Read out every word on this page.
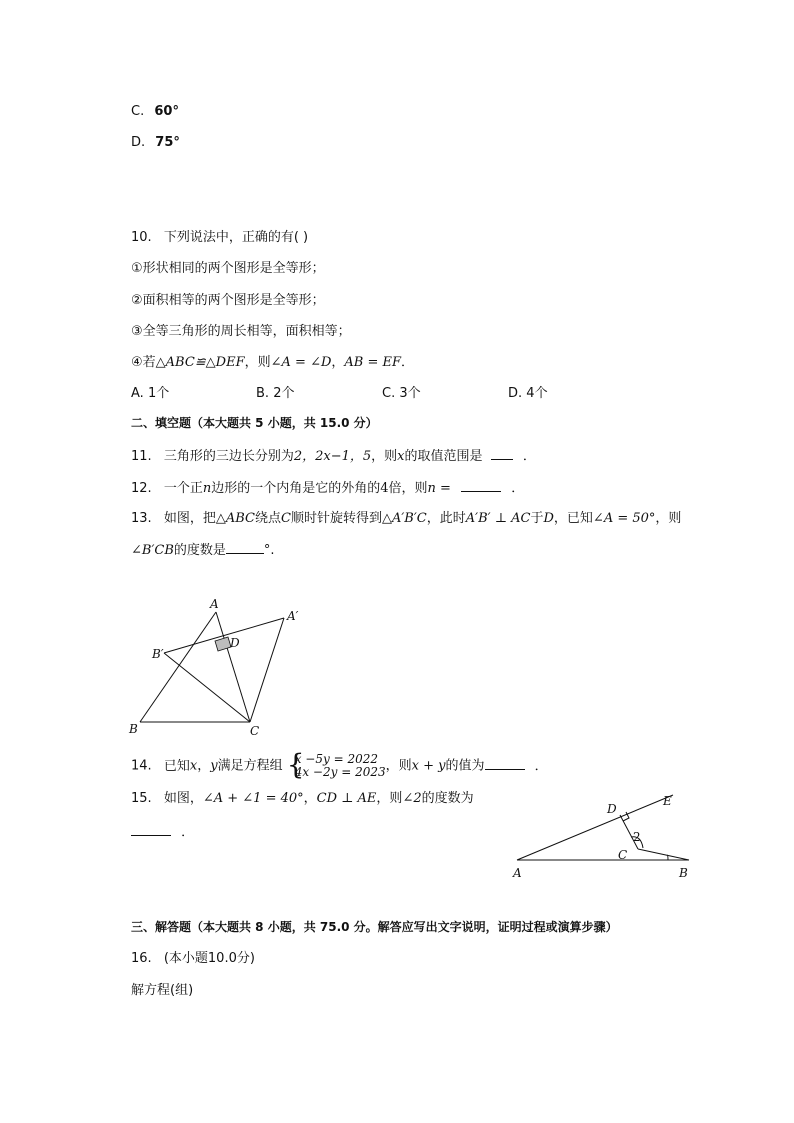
C. 60°
D. 75°
10. 下列说法中，正确的有( )
①形状相同的两个图形是全等形；
②面积相等的两个图形是全等形；
③全等三角形的周长相等，面积相等；
④若△ABC≌△DEF，则∠A = ∠D，AB = EF．
A. 1个	B. 2个	C. 3个	D. 4个
二、填空题（本大题共 5 小题，共 15.0 分）
11. 三角形的三边长分别为2，2x−1，5，则x的取值范围是	．
12. 一个正n边形的一个内角是它的外角的4倍，则n =	．
13. 如图，把△ABC绕点C顺时针旋转得到△A′B′C，此时A′B′ ⊥ AC于D，已知∠A = 50°，则
∠B′CB的度数是	°.
A
A′
B′
D
B	C
14. 已知x，y满足方程组 {
x −5y = 2022
4x −2y = 2023 ，则x + y的值为	．
15. 如图，∠A + ∠1 = 40°，CD ⊥ AE，则∠2的度数为
．
D
E
2
C
A	B
三、解答题（本大题共 8 小题，共 75.0 分。解答应写出文字说明，证明过程或演算步骤）
16. (本小题10.0分)
解方程(组)
